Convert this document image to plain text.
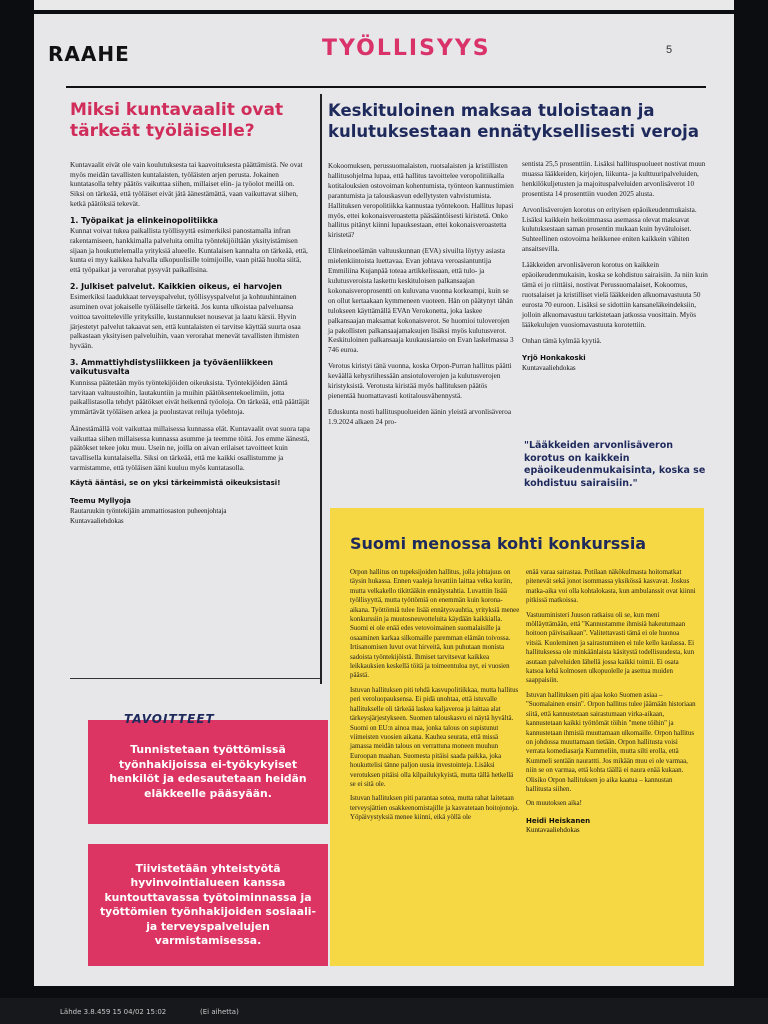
RAAHE	TYÖLLISYYS	5
Miksi kuntavaalit ovat tärkeät työläiselle?

Kuntavaalit eivät ole vain koulutuksesta tai kaavoituksesta päättämistä. Ne ovat myös meidän tavallisten kuntalaisten, työläisten arjen perusta. Jokainen kuntatasolla tehty päätös vaikuttaa siihen, millaiset elin- ja työolot meillä on. Siksi on tärkeää, että työläiset eivät jätä äänestämättä, vaan vaikuttavat siihen, ketkä päätöksiä tekevät.

1. Työpaikat ja elinkeinopolitiikka

Kunnat voivat tukea paikallista työllisyyttä esimerkiksi panostamalla infran rakentamiseen, hankkimalla palveluita omilta työntekijöiltään yksityistämisen sijaan ja houkuttelemalla yrityksiä alueelle. Kuntalaisen kannalta on tärkeää, että, kunta ei myy kaikkea halvalla ulkopuolisille toimijoille, vaan pitää huolta siitä, että työpaikat ja verorahat pysyvät paikallisina.

2. Julkiset palvelut. Kaikkien oikeus, ei harvojen

Esimerkiksi laadukkaat terveyspalvelut, työllisyyspalvelut ja kohtuuhintainen asuminen ovat jokaiselle työläiselle tärkeitä. Jos kunta ulkoistaa palveluansa voittoa tavoitteleville yrityksille, kustannukset nousevat ja laatu kärsii. Hyvin järjestetyt palvelut takaavat sen, että kuntalaisten ei tarvitse käyttää suurta osaa palkastaan yksityisen palveluihin, vaan verorahat menevät tavallisten ihmisten hyvään.

3. Ammattiyhdistysliikkeen ja työväenliikkeen vaikutusvalta

Kunnissa päätetään myös työntekijöiden oikeuksista. Työntekijöiden ääntä tarvitaan valtuustoihin, lautakuntiin ja muihin päätöksentekoelimiin, jotta paikallistasolla tehdyt päätökset eivät heikennä työoloja. On tärkeää, että päättäjät ymmärtävät työläisen arkea ja puolustavat reiluja työehtoja.

Äänestämällä voit vaikuttaa millaisessa kunnassa elät. Kuntavaalit ovat suora tapa vaikuttaa siihen millaisessa kunnassa asumme ja teemme töitä. Jos emme äänestä, päätökset tekee joku muu. Usein ne, joilla on aivan erilaiset tavoitteet kuin tavallisella kuntalaisella. Siksi on tärkeää, että me kaikki osallistumme ja varmistamme, että työläisen ääni kuuluu myös kuntatasolla.

Käytä ääntäsi, se on yksi tärkeimmistä oikeuksistasi!

Teemu Myllyoja
Rautaruukin työntekijäin ammattiosaston puheenjohtaja
Kuntavaaliehdokas
Keskituloinen maksaa tuloistaan ja kulutuksestaan ennätyksellisesti veroja

Kokoomuksen, perussuomalaisten, ruotsalaisten ja kristillisten hallitusohjelma lupaa, että hallitus tavoittelee veropolitiikalla kotitalouksien ostovoiman kohentumista, työnteon kannustimien parantumista ja talouskasvun edellytysten vahvistumista. Hallituksen veropolitiikka kannustaa työntekoon. Hallitus lupasi myös, ettei kokonaisveroastetta pääsääntöisesti kiristetä. Onko hallitus pitänyt kiinni lupauksestaan, ettei kokonaisveroastetta kiristetä?

Elinkeinoelämän valtuuskunnan (EVA) sivuilta löytyy asiasta mielenkiintoista luettavaa. Evan johtava veroasiantuntija Emmiliina Kujanpää toteaa artikkelissaan, että tulo- ja kulutusveroista laskettu keskituloisen palkansaajan kokonaisveroprosentti on kuluvana vuonna korkeampi, kuin se on ollut kertaakaan kymmeneen vuoteen. Hän on päätynyt tähän tulokseen käyttämällä EVAn Verokonetta, joka laskee palkansaajan maksamat kokonaisverot. Se huomioi tuloverojen ja pakollisten palkansaajamaksujen lisäksi myös kulutusverot. Keskituloinen palkansaaja kuukausiansio on Evan laskelmassa 3 746 euroa.

Verotus kiristyi tänä vuonna, koska Orpon-Purran hallitus päätti keväällä kehysriihessään ansiotuloverojen ja kulutusverojen kiristyksistä. Verotusta kiristää myös hallituksen päätös pienentää huomattavasti kotitalousvähennystä.

Eduskunta nosti hallituspuolueiden äänin yleistä arvonlisäveroa 1.9.2024 alkaen 24 pro-

sentista 25,5 prosenttiin. Lisäksi hallituspuolueet nostivat muun muassa lääkkeiden, kirjojen, liikunta- ja kulttuuripalveluiden, henkilökuljetusten ja majoituspalveluiden arvonlisäverot 10 prosentista 14 prosenttiin vuoden 2025 alusta.

Arvonlisäverojen korotus on erityisen epäoikeudenmukaista. Lisäksi kaikkein heikoimmassa asemassa olevat maksavat kulutuksestaan saman prosentin mukaan kuin hyvätuloiset. Suhteellinen ostovoima heikkenee eniten kaikkein vähiten ansaitsevilla.

Lääkkeiden arvonlisäveron korotus on kaikkein epäoikeudenmukaisin, koska se kohdistuu sairaisiin. Ja niin kuin tämä ei jo riittäisi, nostivat Perussuomalaiset, Kokoomus, ruotsalaiset ja kristilliset vielä lääkkeiden alkuomavastuuta 50 eurosta 70 euroon. Lisäksi se sidottiin kansaneläkeindeksiin, jolloin alkuomavastuu tarkistetaan jatkossa vuosittain. Myös lääkekulujen vuosiomavastuuta korotettiin.

Onhan tämä kylmää kyytiä.

Yrjö Honkakoski
Kuntavaaliehdokas
"Lääkkeiden arvonlisäveron korotus on kaikkein epäoikeudenmukaisinta, koska se kohdistuu sairaisiin."
Suomi menossa kohti konkurssia

Orpon hallitus on tupeksijoiden hallitus, jolla johtajuus on täysin hukassa. Ennen vaaleja luvattiin laittaa velka kuriin, mutta velkakello tikittääkin ennätystahtia. Luvattiin lisää työllisyyttä, mutta työttömiä on enemmän kuin korona-aikana. Työttömiä tulee lisää ennätysvauhtia, yrityksiä menee konkurssiin ja muutosneuvotteluita käydään kaikkialla. Suomi ei ole enää edes vetovoimainen suomalaisille ja osaaminen karkaa silkomaille paremman elämän toivossa. Irtisanomisen luvut ovat hirveitä, kun puhutaan monista sadoista työntekijöistä. Ihmiset tarvitsevat kaikkea leikkauksien keskellä töitä ja toimeentuloa nyt, ei vuosien päästä.

Istuvan hallituksen piti tehdä kasvupolitiikkaa, mutta hallitus peri veroluopauksensa. Ei pidä unohtaa, että istuvalle hallitukselle oli tärkeää laskea kaljaveroa ja laittaa alat tärkeysjärjestykseen. Suomen talouskasvu ei näytä hyvältä. Suomi on EU:n ainoa maa, jonka talous on supistunut viimeisten vuosien aikana. Kauhea seurata, että missä jamassa meidän talous on verrattuna moneen muuhun Euroopan maahan. Suomesta pitäisi saada paikka, joka houkuttelisi tänne paljon uusia investointeja. Lisäksi verotuksen pitäisi olla kilpailukykyistä, mutta tällä hetkellä se ei sitä ole.

Istuvan hallituksen piti parantaa sotea, mutta rahat laitetaan terveysjättien osakkeenomistajille ja kasvatetaan hoitojonoja. Yöpäivystyksiä menee kiinni, eikä yöllä ole

enää varaa sairastaa. Potilaan näkökulmasta hoitomatkat pitenevät sekä jonot isommassa yksikössä kasvavat. Joskus matka-aika voi olla kohtalokasta, kun ambulanssit ovat kiinni pitkissä matkoissa.

Vastuuministeri Juuson ratkaisu oli se, kun meni mölläyttämään, että "Kannustamme ihmisiä hakeutumaan hoitoon päivisaikaan". Valitettavasti tämä ei ole huonoa vitsiä. Kuoleminen ja sairastuminen ei tule kello kaulassa. Ei hallituksessa ole minkäänlaista käsitystä todellisuudesta, kun asutaan palveluiden lähellä jossa kaikki toimii. Ei osata katsoa kehä kolmosen ulkopuolelle ja asettua muiden saappaisiin.

Istuvan hallituksen piti ajaa koko Suomen asiaa – "Suomalainen ensin". Orpon hallitus tulee jäämään historiaan siitä, että kannustetaan sairastumaan virka-aikaan, kannustetaan kaikki työttömät töihin "mene töihin" ja kannustetaan ihmisiä muuttamaan ulkomaille. Orpon hallitus on johdossa muuttamaan tietään. Orpon hallitusta voisi verrata komediasarja Kummeliin, mutta silti erolla, että Kummeli sentään naurattti. Jos mikään muu ei ole varmaa, niin se on varmaa, että kohta täällä ei naura enää kukaan. Olisiko Orpon hallituksen jo aika kaatua – kannustan hallitusta siihen.

On muutoksen aika!

Heidi Heiskanen
Kuntavaaliehdokas
Tunnistetaan työttömissä työnhakijoissa ei-työkykyiset henkilöt ja edesautetaan heidän eläkkeelle pääsyään.
TAVOITTEET
Tiivistetään yhteistyötä hyvinvointialueen kanssa kuntouttavassa työtoiminnassa ja työttömien työnhakijoiden sosiaali- ja terveyspalvelujen varmistamisessa.
Lähde 3.8.459 15 04/02 15:02	(Ei aihetta)
